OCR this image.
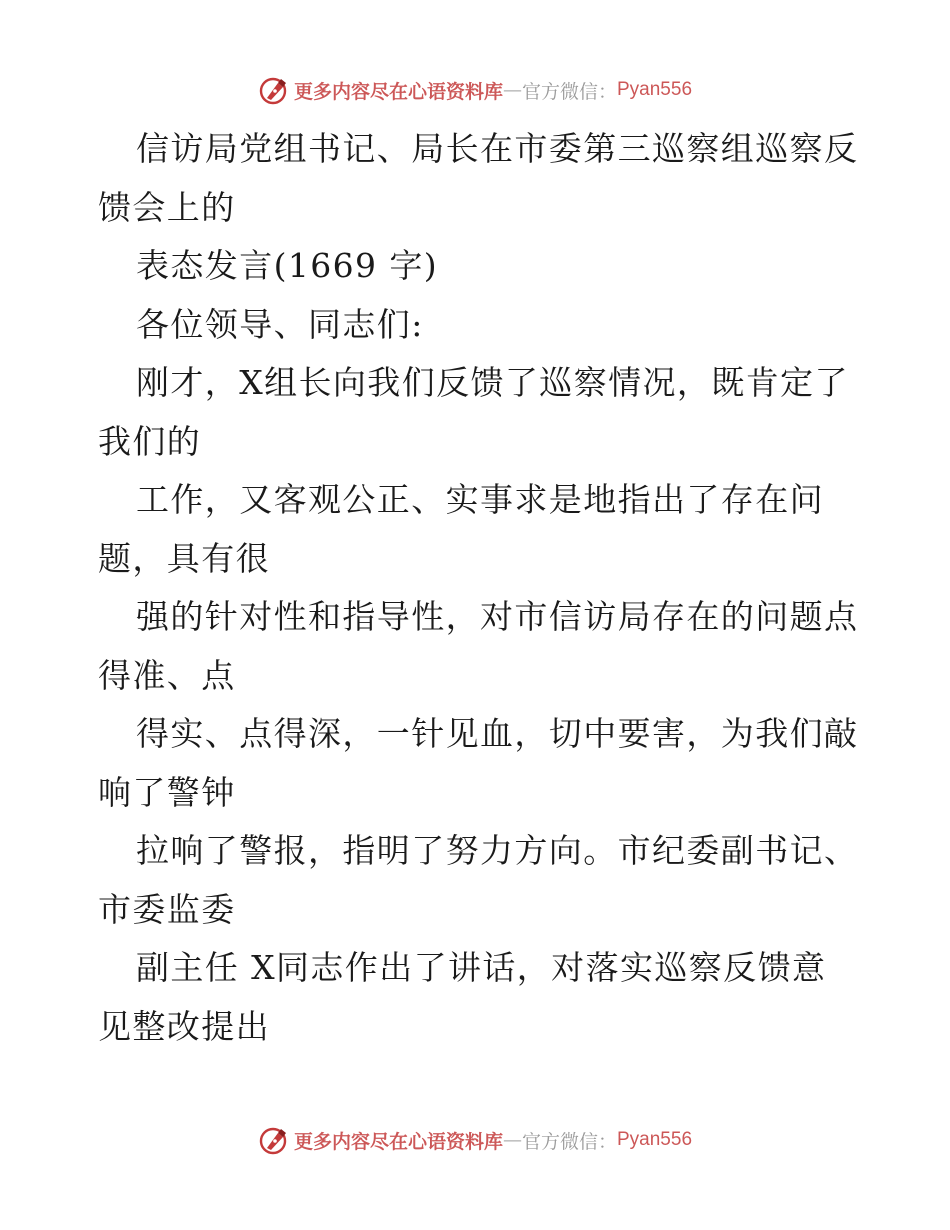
更多内容尽在心语资料库 — 官方微信： Pyan556
信访局党组书记、局长在市委第三巡察组巡察反
馈会上的
表态发言(1669 字)
各位领导、同志们:
刚才，X组长向我们反馈了巡察情况，既肯定了
我们的
工作，又客观公正、实事求是地指出了存在问
题，具有很
强的针对性和指导性，对市信访局存在的问题点
得准、点
得实、点得深，一针见血，切中要害，为我们敲
响了警钟
拉响了警报，指明了努力方向。市纪委副书记、
市委监委
副主任 X同志作出了讲话，对落实巡察反馈意
见整改提出
更多内容尽在心语资料库 — 官方微信： Pyan556
